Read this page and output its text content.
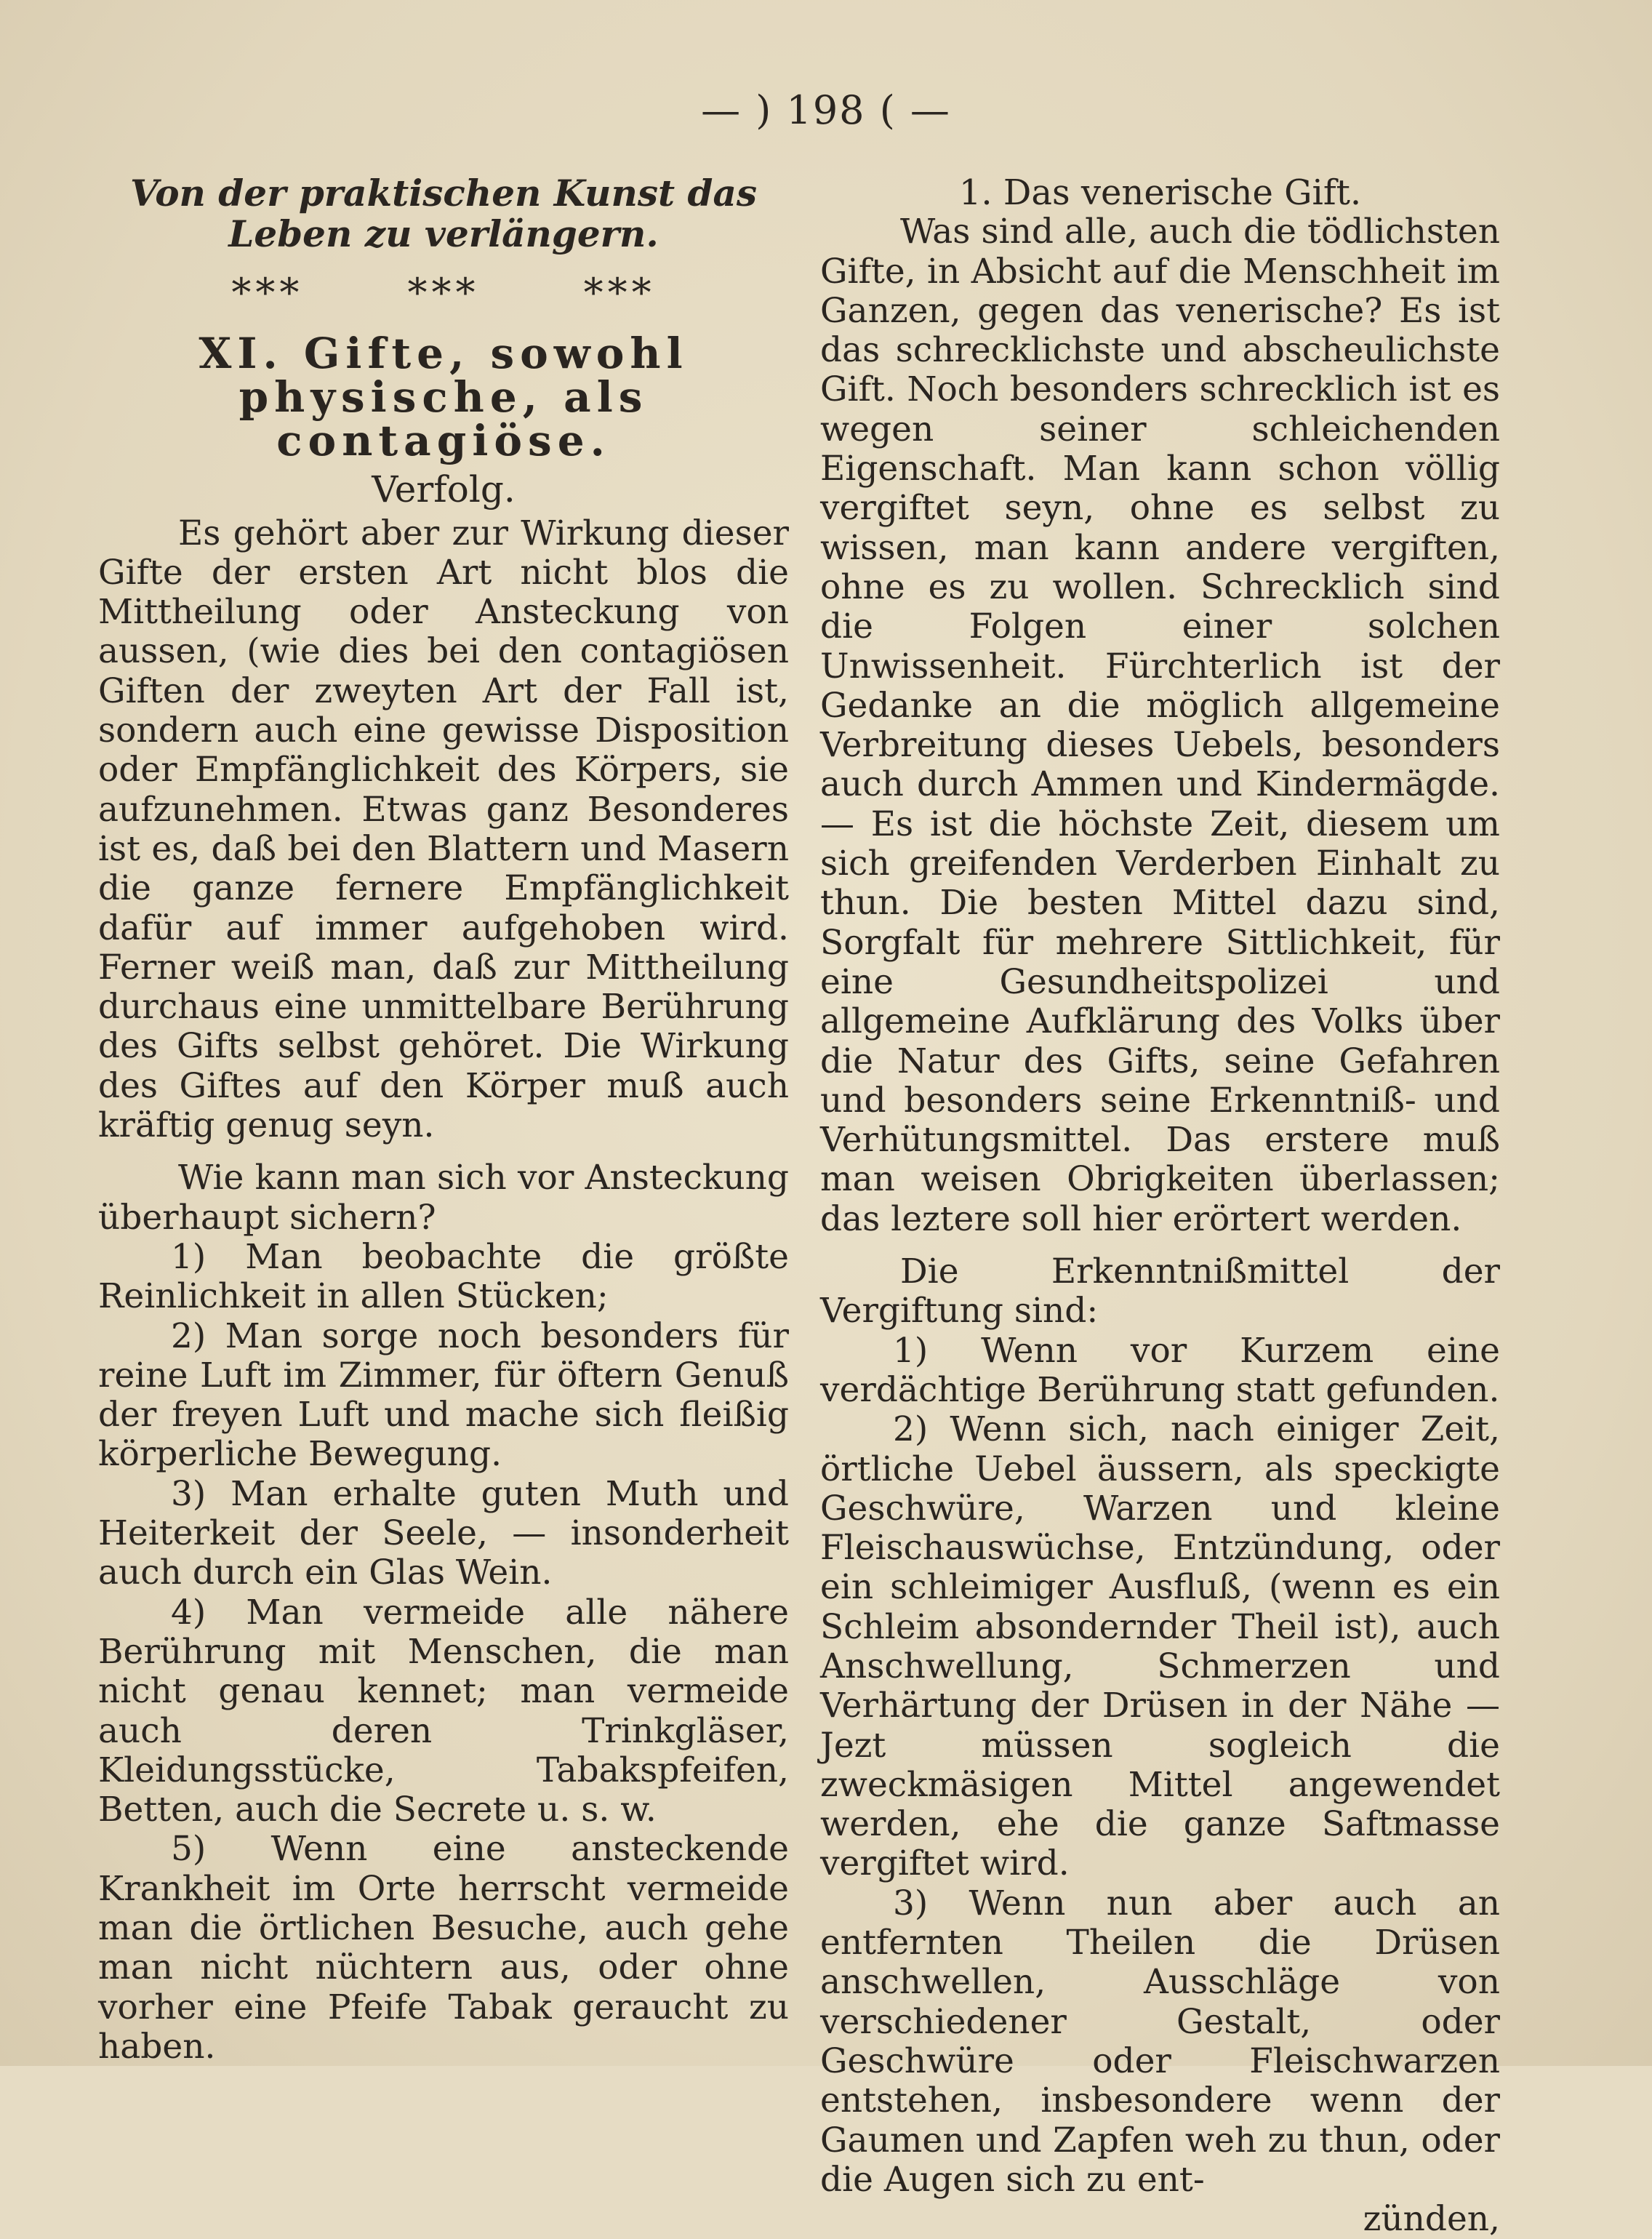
— ) 198 ( —
Von der praktischen Kunst das Leben zu verlängern.
*** *** ***
XI. Gifte, sowohl physische, als contagiöse.
Verfolg.

Es gehört aber zur Wirkung dieser Gifte der ersten Art nicht blos die Mittheilung oder Ansteckung von aussen, (wie dies bei den contagiösen Giften der zweyten Art der Fall ist, sondern auch eine gewisse Disposition oder Empfänglichkeit des Körpers, sie aufzunehmen. Etwas ganz Besonderes ist es, daß bei den Blattern und Masern die ganze fernere Empfänglichkeit dafür auf immer aufgehoben wird. Ferner weiß man, daß zur Mittheilung durchaus eine unmittelbare Berührung des Gifts selbst gehöret. Die Wirkung des Giftes auf den Körper muß auch kräftig genug seyn.

Wie kann man sich vor Ansteckung überhaupt sichern?

1) Man beobachte die größte Reinlichkeit in allen Stücken;

2) Man sorge noch besonders für reine Luft im Zimmer, für öftern Genuß der freyen Luft und mache sich fleißig körperliche Bewegung.

3) Man erhalte guten Muth und Heiterkeit der Seele, — insonderheit auch durch ein Glas Wein.

4) Man vermeide alle nähere Berührung mit Menschen, die man nicht genau kennet; man vermeide auch deren Trinkgläser, Kleidungsstücke, Tabakspfeifen, Betten, auch die Secrete u. s. w.

5) Wenn eine ansteckende Krankheit im Orte herrscht vermeide man die örtlichen Besuche, auch gehe man nicht nüchtern aus, oder ohne vorher eine Pfeife Tabak geraucht zu haben.

1. Das venerische Gift.

Was sind alle, auch die tödlichsten Gifte, in Absicht auf die Menschheit im Ganzen, gegen das venerische? Es ist das schrecklichste und abscheulichste Gift. Noch besonders schrecklich ist es wegen seiner schleichenden Eigenschaft. Man kann schon völlig vergiftet seyn, ohne es selbst zu wissen, man kann andere vergiften, ohne es zu wollen. Schrecklich sind die Folgen einer solchen Unwissenheit. Fürchterlich ist der Gedanke an die möglich allgemeine Verbreitung dieses Uebels, besonders auch durch Ammen und Kindermägde. — Es ist die höchste Zeit, diesem um sich greifenden Verderben Einhalt zu thun. Die besten Mittel dazu sind, Sorgfalt für mehrere Sittlichkeit, für eine Gesundheitspolizei und allgemeine Aufklärung des Volks über die Natur des Gifts, seine Gefahren und besonders seine Erkenntniß- und Verhütungsmittel. Das erstere muß man weisen Obrigkeiten überlassen; das leztere soll hier erörtert werden.

Die Erkenntnißmittel der Vergiftung sind:

1) Wenn vor Kurzem eine verdächtige Berührung statt gefunden.

2) Wenn sich, nach einiger Zeit, örtliche Uebel äussern, als speckigte Geschwüre, Warzen und kleine Fleischauswüchse, Entzündung, oder ein schleimiger Ausfluß, (wenn es ein Schleim absondernder Theil ist), auch Anschwellung, Schmerzen und Verhärtung der Drüsen in der Nähe — Jezt müssen sogleich die zweckmäsigen Mittel angewendet werden, ehe die ganze Saftmasse vergiftet wird.

3) Wenn nun aber auch an entfernten Theilen die Drüsen anschwellen, Ausschläge von verschiedener Gestalt, oder Geschwüre oder Fleischwarzen entstehen, insbesondere wenn der Gaumen und Zapfen weh zu thun, oder die Augen sich zu ent-

zünden,
